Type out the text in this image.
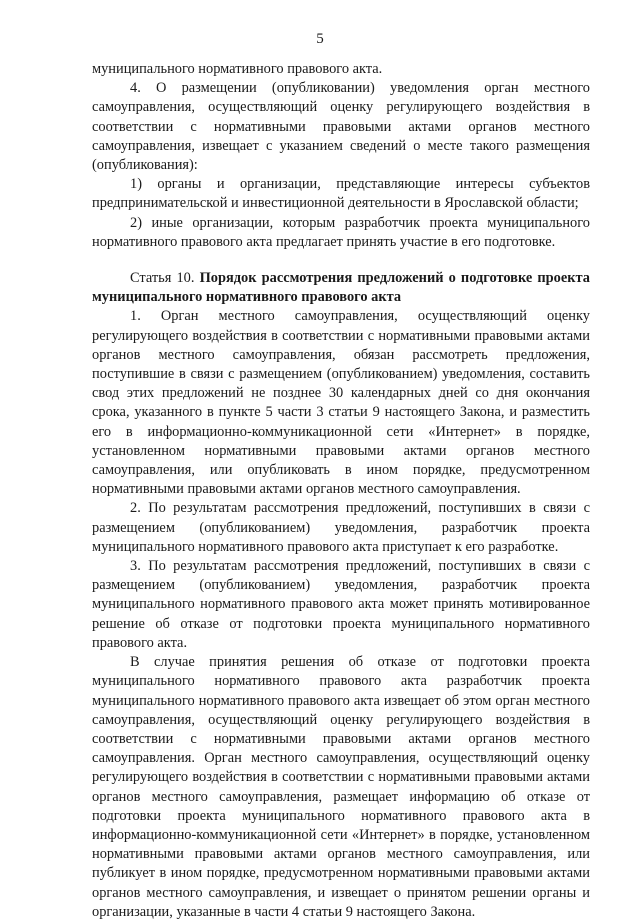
5

муниципального нормативного правового акта.

4. О размещении (опубликовании) уведомления орган местного самоуправления, осуществляющий оценку регулирующего воздействия в соответствии с нормативными правовыми актами органов местного самоуправления, извещает с указанием сведений о месте такого размещения (опубликования):

1) органы и организации, представляющие интересы субъектов предпринимательской и инвестиционной деятельности в Ярославской области;

2) иные организации, которым разработчик проекта муниципального нормативного правового акта предлагает принять участие в его подготовке.

Статья 10. Порядок рассмотрения предложений о подготовке проекта муниципального нормативного правового акта

1. Орган местного самоуправления, осуществляющий оценку регулирующего воздействия в соответствии с нормативными правовыми актами органов местного самоуправления, обязан рассмотреть предложения, поступившие в связи с размещением (опубликованием) уведомления, составить свод этих предложений не позднее 30 календарных дней со дня окончания срока, указанного в пункте 5 части 3 статьи 9 настоящего Закона, и разместить его в информационно-коммуникационной сети «Интернет» в порядке, установленном нормативными правовыми актами органов местного самоуправления, или опубликовать в ином порядке, предусмотренном нормативными правовыми актами органов местного самоуправления.

2. По результатам рассмотрения предложений, поступивших в связи с размещением (опубликованием) уведомления, разработчик проекта муниципального нормативного правового акта приступает к его разработке.

3. По результатам рассмотрения предложений, поступивших в связи с размещением (опубликованием) уведомления, разработчик проекта муниципального нормативного правового акта может принять мотивированное решение об отказе от подготовки проекта муниципального нормативного правового акта.

В случае принятия решения об отказе от подготовки проекта муниципального нормативного правового акта разработчик проекта муниципального нормативного правового акта извещает об этом орган местного самоуправления, осуществляющий оценку регулирующего воздействия в соответствии с нормативными правовыми актами органов местного самоуправления. Орган местного самоуправления, осуществляющий оценку регулирующего воздействия в соответствии с нормативными правовыми актами органов местного самоуправления, размещает информацию об отказе от подготовки проекта муниципального нормативного правового акта в информационно-коммуникационной сети «Интернет» в порядке, установленном нормативными правовыми актами органов местного самоуправления, или публикует в ином порядке, предусмотренном нормативными правовыми актами органов местного самоуправления, и извещает о принятом решении органы и организации, указанные в части 4 статьи 9 настоящего Закона.
